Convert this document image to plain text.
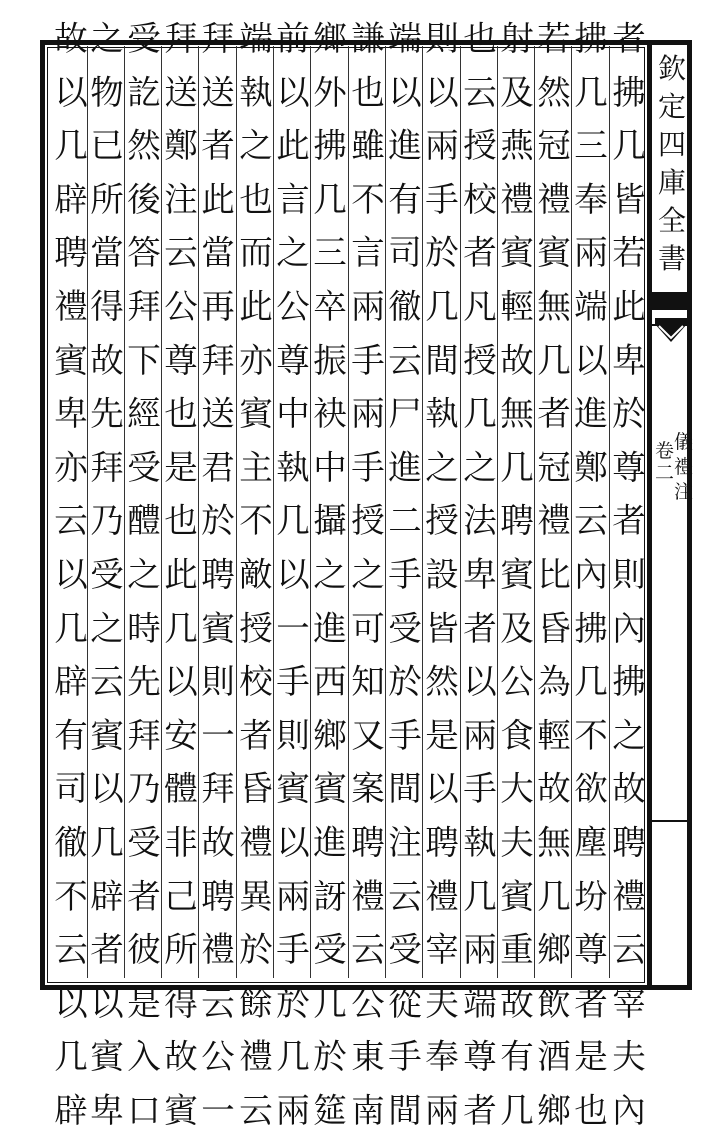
者拂几皆若此卑於尊者則內拂之故聘禮云宰夫內
拂几三奉兩端以進鄭云內拂几不欲塵坋尊者是也
若然冠禮賓無几者冠禮比昏為輕故無几鄉飲酒鄉
射及燕禮賓輕故無几聘賓及公食大夫賓重故有几
也云授校者凡授几之法卑者以兩手執几兩端尊者
則以兩手於几間執之授設皆然是以聘禮宰夫奉兩
端以進有司徹云尸進二手受於手間注云受從手間
謙也雖不言兩手兩手授之可知又案聘禮云公東南
鄉外拂几三卒振袂中攝之進西鄉賓進訝受几於筵
前以此言之公尊中執几以一手則賓以兩手於几兩
端執之也而此亦賓主不敵授校者昏禮異於餘禮云
拜送者此當再拜送君於聘賓則一拜故聘禮云公一
拜送鄭注云公尊也是也此几以安體非己所得故賓
受訖然後答拜下經受醴之時先拜乃受者彼是入口
之物已所當得故先拜乃受之云賓以几辟者以賓卑
故以几辟聘禮賓卑亦云以几辟有司徹不云以几辟
欽定四庫全書
卷二
儀禮注
